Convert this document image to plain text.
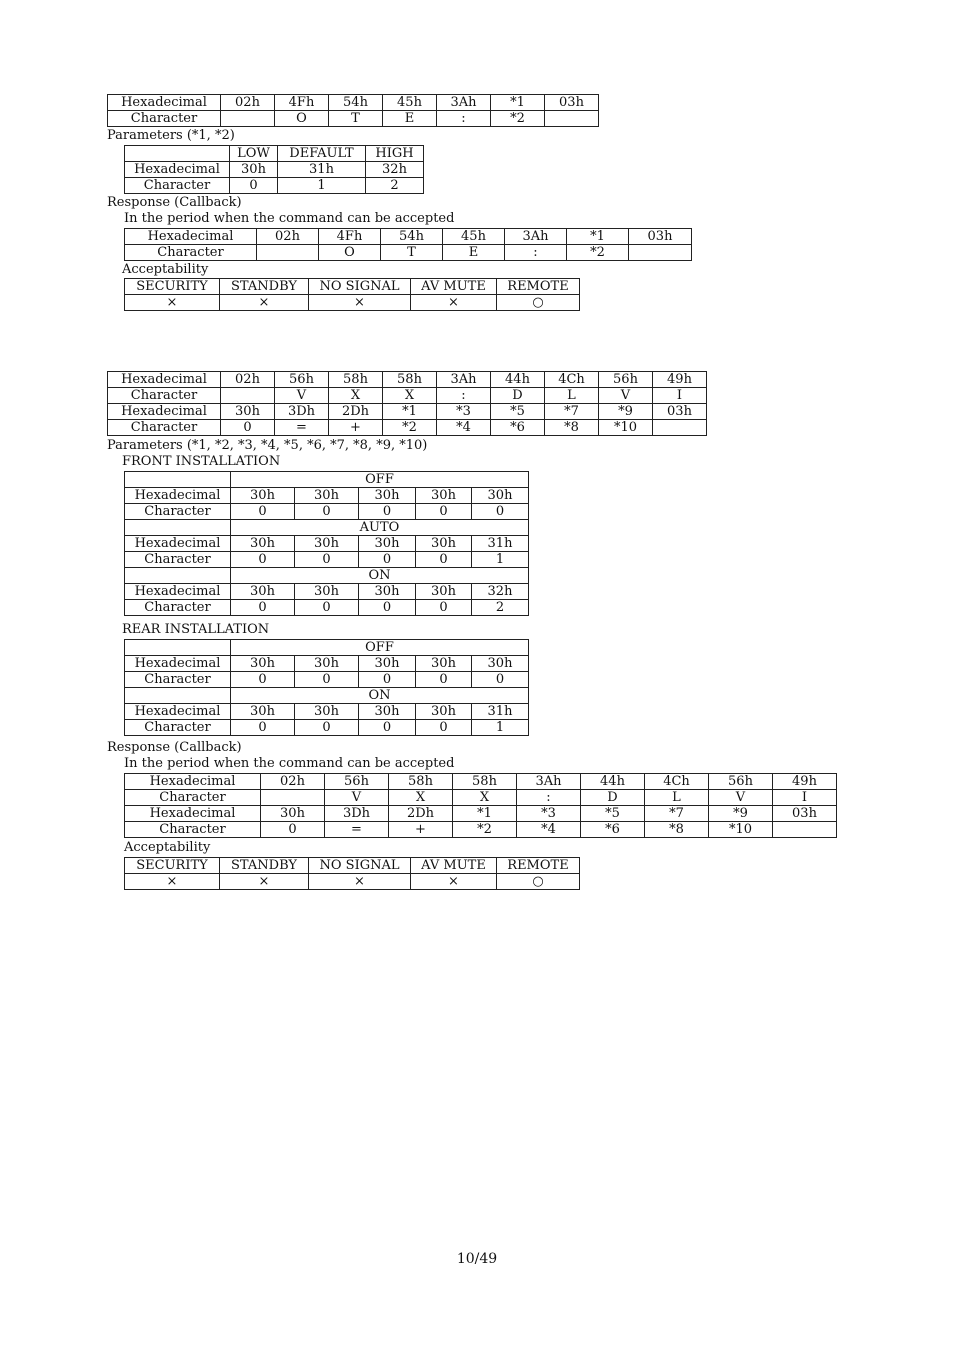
Hexadecimal	02h	4Fh	54h	45h	3Ah	*1	03h
Character		O	T	E	:	*2	
Parameters (*1, *2)
	LOW	DEFAULT	HIGH
Hexadecimal	30h	31h	32h
Character	0	1	2
Response (Callback)
In the period when the command can be accepted
Hexadecimal	02h	4Fh	54h	45h	3Ah	*1	03h
Character		O	T	E	:	*2	
Acceptability
SECURITY	STANDBY	NO SIGNAL	AV MUTE	REMOTE
×	×	×	×	○
Hexadecimal	02h	56h	58h	58h	3Ah	44h	4Ch	56h	49h
Character		V	X	X	:	D	L	V	I
Hexadecimal	30h	3Dh	2Dh	*1	*3	*5	*7	*9	03h
Character	0	=	+	*2	*4	*6	*8	*10	
Parameters (*1, *2, *3, *4, *5, *6, *7, *8, *9, *10)
FRONT INSTALLATION
	OFF				
Hexadecimal	30h	30h	30h	30h	30h
Character	0	0	0	0	0
	AUTO				
Hexadecimal	30h	30h	30h	30h	31h
Character	0	0	0	0	1
	ON				
Hexadecimal	30h	30h	30h	30h	32h
Character	0	0	0	0	2
REAR INSTALLATION
	OFF				
Hexadecimal	30h	30h	30h	30h	30h
Character	0	0	0	0	0
	ON				
Hexadecimal	30h	30h	30h	30h	31h
Character	0	0	0	0	1
Response (Callback)
In the period when the command can be accepted
Hexadecimal	02h	56h	58h	58h	3Ah	44h	4Ch	56h	49h
Character		V	X	X	:	D	L	V	I
Hexadecimal	30h	3Dh	2Dh	*1	*3	*5	*7	*9	03h
Character	0	=	+	*2	*4	*6	*8	*10	
Acceptability
SECURITY	STANDBY	NO SIGNAL	AV MUTE	REMOTE
×	×	×	×	○
10/49
